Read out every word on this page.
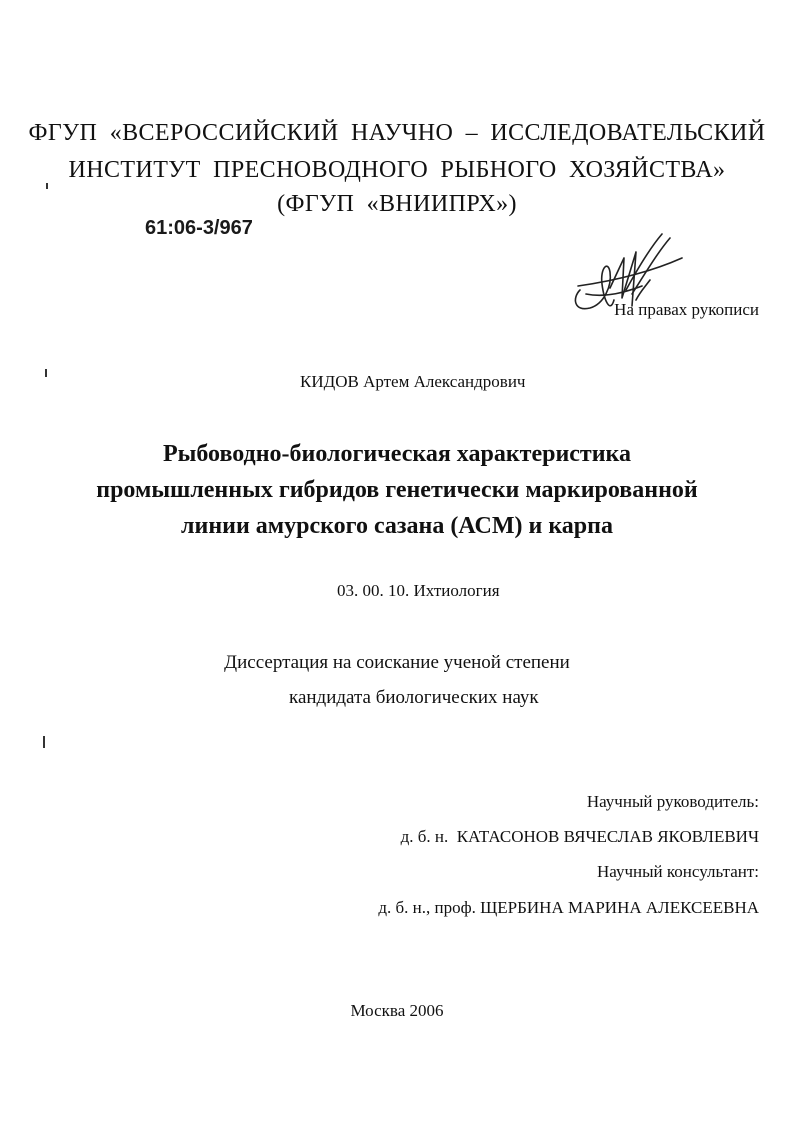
ФГУП «ВСЕРОССИЙСКИЙ НАУЧНО – ИССЛЕДОВАТЕЛЬСКИЙ
ИНСТИТУТ ПРЕСНОВОДНОГО РЫБНОГО ХОЗЯЙСТВА»
(ФГУП «ВНИИПРХ»)
61:06-3/967
На правах рукописи
КИДОВ Артем Александрович
Рыбоводно-биологическая характеристика
промышленных гибридов генетически маркированной
линии амурского сазана (АСМ) и карпа
03. 00. 10. Ихтиология
Диссертация на соискание ученой степени
кандидата биологических наук
Научный руководитель:
д. б. н.  КАТАСОНОВ ВЯЧЕСЛАВ ЯКОВЛЕВИЧ
Научный консультант:
д. б. н., проф. ЩЕРБИНА МАРИНА АЛЕКСЕЕВНА
Москва 2006
